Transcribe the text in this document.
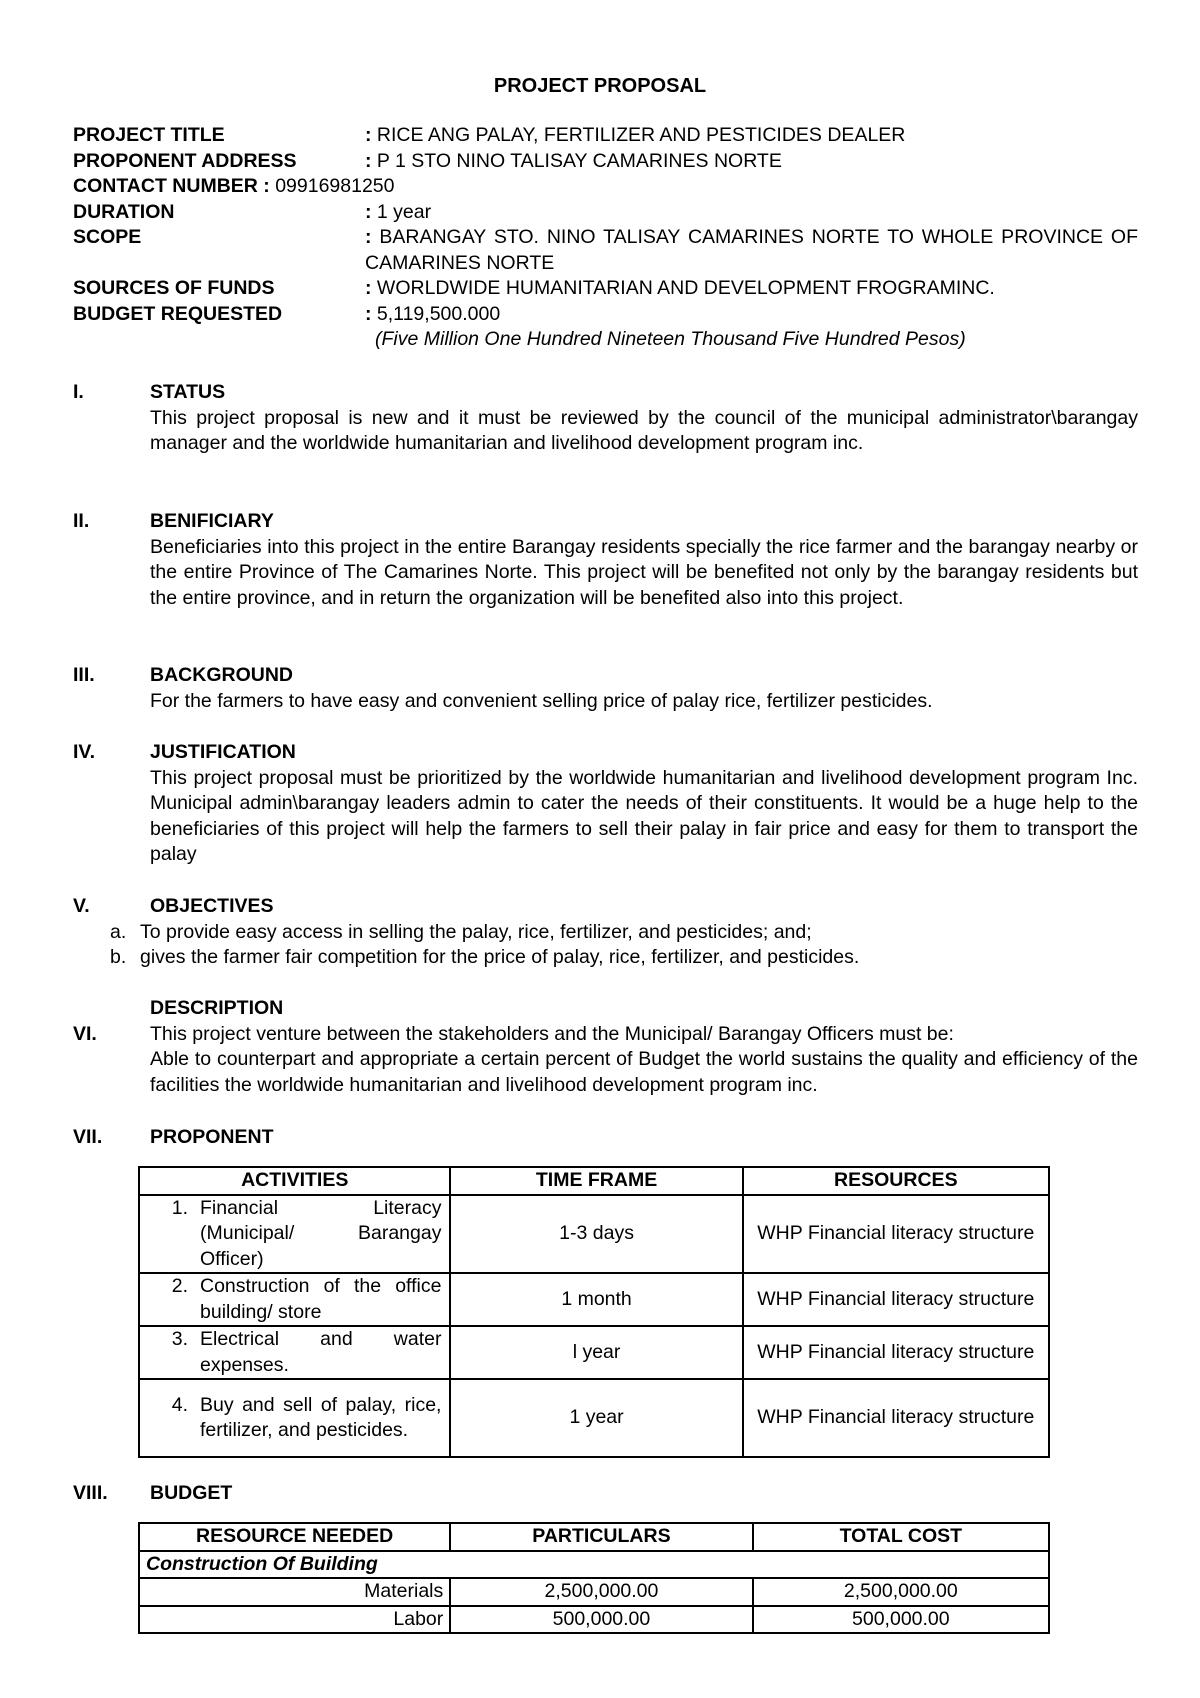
PROJECT PROPOSAL
PROJECT TITLE	: RICE ANG PALAY, FERTILIZER AND PESTICIDES DEALER
PROPONENT ADDRESS	: P 1 STO NINO TALISAY CAMARINES NORTE
CONTACT NUMBER : 09916981250
DURATION	: 1 year
SCOPE	: BARANGAY STO. NINO TALISAY CAMARINES NORTE TO WHOLE PROVINCE OF CAMARINES NORTE
SOURCES OF FUNDS	: WORLDWIDE HUMANITARIAN AND DEVELOPMENT FROGRAMINC.
BUDGET REQUESTED	: 5,119,500.000
(Five Million One Hundred Nineteen Thousand Five Hundred Pesos)
I.	STATUS
This project proposal is new and it must be reviewed by the council of the municipal administrator\barangay manager and the worldwide humanitarian and livelihood development program inc.
II.	BENIFICIARY
Beneficiaries into this project in the entire Barangay residents specially the rice farmer and the barangay nearby or the entire Province of The Camarines Norte. This project will be benefited not only by the barangay residents but the entire province, and in return the organization will be benefited also into this project.
III.	BACKGROUND
For the farmers to have easy and convenient selling price of palay rice, fertilizer pesticides.
IV.	JUSTIFICATION
This project proposal must be prioritized by the worldwide humanitarian and livelihood development program Inc. Municipal admin\barangay leaders admin to cater the needs of their constituents. It would be a huge help to the beneficiaries of this project will help the farmers to sell their palay in fair price and easy for them to transport the palay
V.	OBJECTIVES
a. To provide easy access in selling the palay, rice, fertilizer, and pesticides; and;
b. gives the farmer fair competition for the price of palay, rice, fertilizer, and pesticides.
DESCRIPTION
VI.	This project venture between the stakeholders and the Municipal/ Barangay Officers must be:
Able to counterpart and appropriate a certain percent of Budget the world sustains the quality and efficiency of the facilities the worldwide humanitarian and livelihood development program inc.
VII. PROPONENT
ACTIVITIES	TIME FRAME	RESOURCES

1. Financial Literacy (Municipal/ Barangay Officer)	1-3 days	WHP Financial literacy structure

2. Construction of the office building/ store	1 month	WHP Financial literacy structure

3. Electrical and water expenses.	l year	WHP Financial literacy structure

4. Buy and sell of palay, rice, fertilizer, and pesticides.	1 year	WHP Financial literacy structure
VIII. BUDGET
RESOURCE NEEDED	PARTICULARS	TOTAL COST
Construction Of Building		
Materials	2,500,000.00	2,500,000.00
Labor	500,000.00	500,000.00
